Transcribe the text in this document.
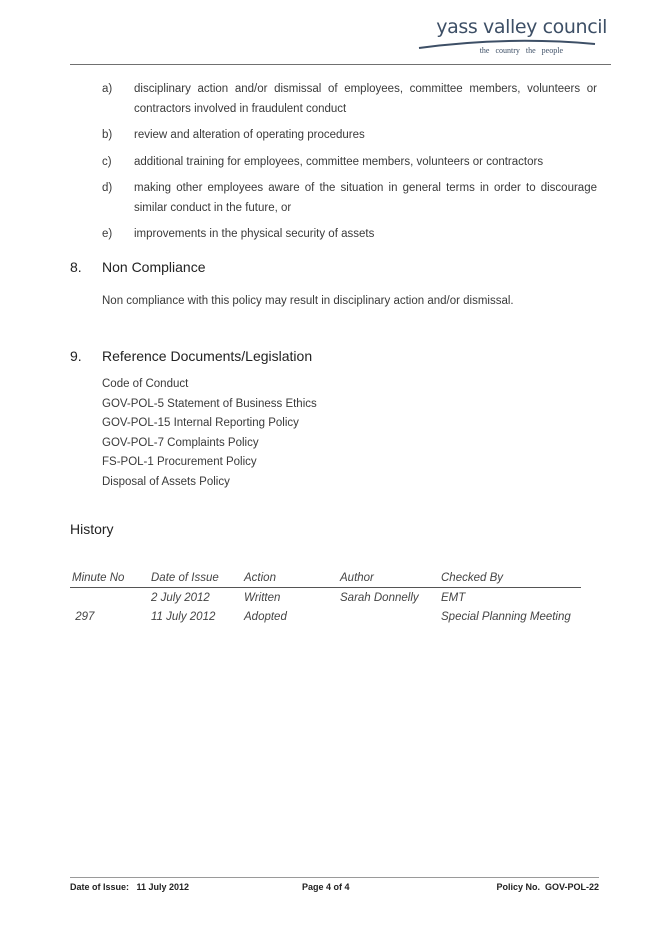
yass valley council
the country the people
a) disciplinary action and/or dismissal of employees, committee members, volunteers or contractors involved in fraudulent conduct
b) review and alteration of operating procedures
c) additional training for employees, committee members, volunteers or contractors
d) making other employees aware of the situation in general terms in order to discourage similar conduct in the future, or
e) improvements in the physical security of assets
8. Non Compliance
Non compliance with this policy may result in disciplinary action and/or dismissal.
9. Reference Documents/Legislation
Code of Conduct
GOV-POL-5 Statement of Business Ethics
GOV-POL-15 Internal Reporting Policy
GOV-POL-7 Complaints Policy
FS-POL-1 Procurement Policy
Disposal of Assets Policy
History
Minute No	Date of Issue	Action	Author	Checked By
	2 July 2012	Written	Sarah Donnelly	EMT
297	11 July 2012	Adopted		Special Planning Meeting
Date of Issue:   11 July 2012	Page 4 of 4	Policy No.  GOV-POL-22
